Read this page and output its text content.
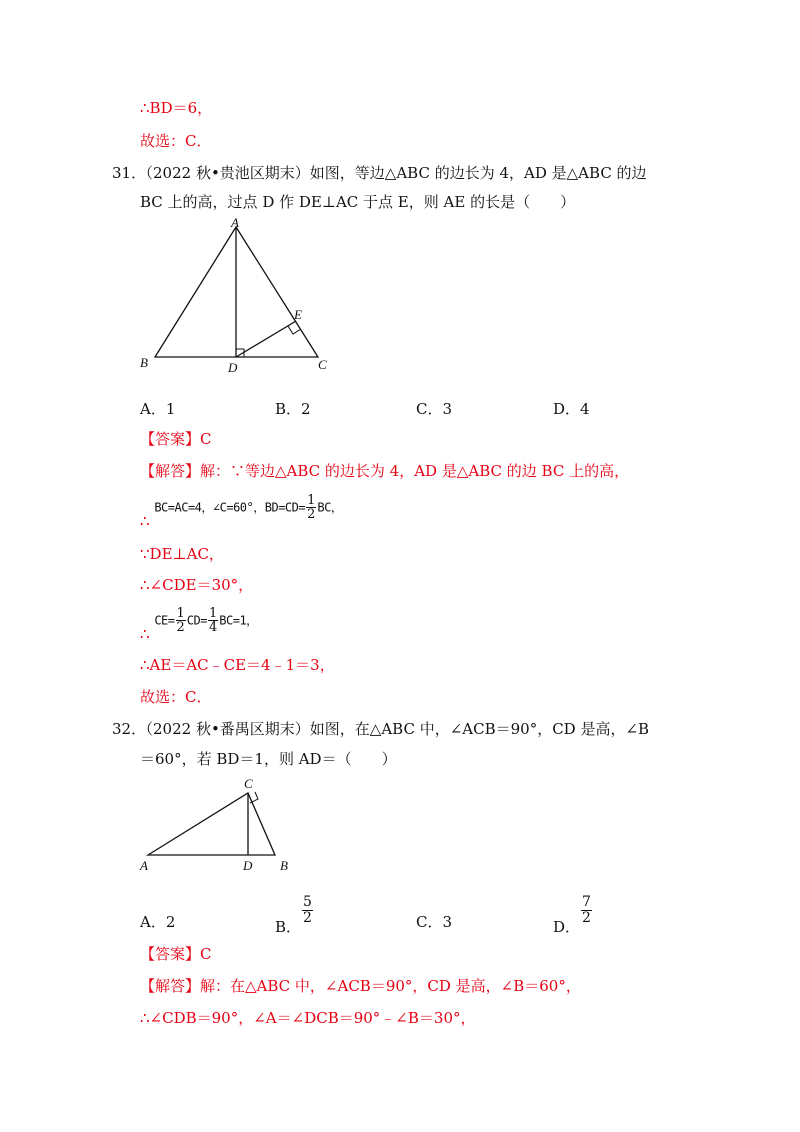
∴BD＝6，
故选：C．
31．
（2022 秋•贵池区期末）如图，等边△ABC 的边长为 4，AD 是△ABC 的边
BC 上的高，过点 D 作 DE⊥AC 于点 E，则 AE 的长是（　　）
A
B	C
D
E
A．1	B．2	C．3	D．4
【答案】C
【解答】解：∵等边△ABC 的边长为 4，AD 是△ABC 的边 BC 上的高，
∴ BC=AC=4，∠C=60°，$BD=CD= \frac{1}{2}$ BC，
∵DE⊥AC，
∴∠CDE＝30°，
∴ $CE= \frac{1}{2} CD= \frac{1}{4} BC=1$，
∴AE＝AC﹣CE＝4﹣1＝3，
故选：C．
32．
（2022 秋•番禺区期末）如图，在△ABC 中，∠ACB＝90°，CD 是高，∠B
＝60°，若 BD＝1，则 AD＝（　　）
C
A	D B
A．2	B．
$\frac{5}{2}$	C．3	D．
$\frac{7}{2}$
【答案】C
【解答】解：在△ABC 中，∠ACB＝90°，CD 是高，∠B＝60°，
∴∠CDB＝90°，∠A＝∠DCB＝90°﹣∠B＝30°，
